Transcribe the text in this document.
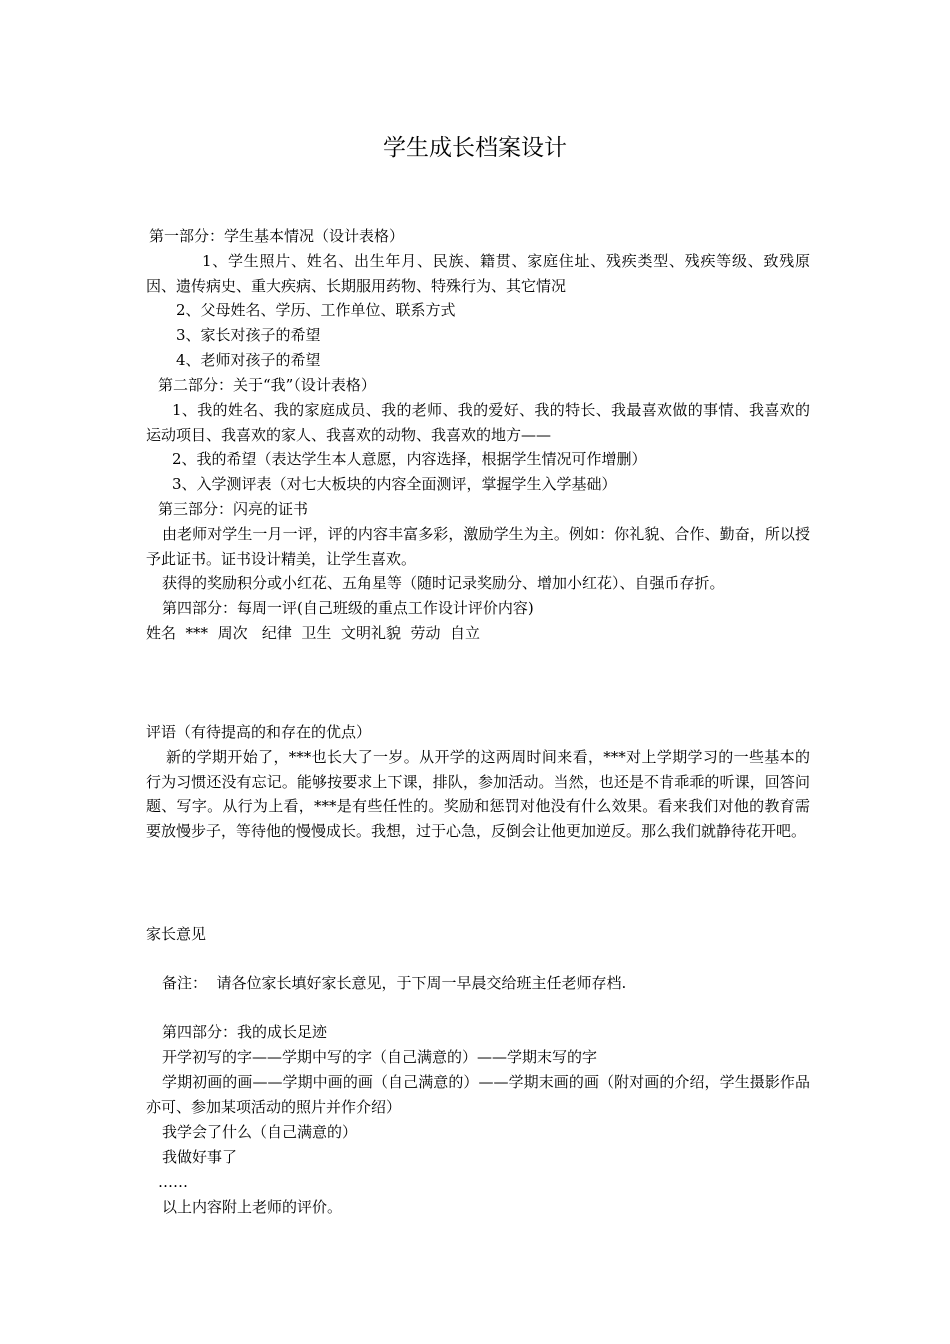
学生成长档案设计
第一部分：学生基本情况（设计表格）
1、学生照片、姓名、出生年月、民族、籍贯、家庭住址、残疾类型、残疾等级、致残原因、遗传病史、重大疾病、长期服用药物、特殊行为、其它情况
2、父母姓名、学历、工作单位、联系方式
3、家长对孩子的希望
4、老师对孩子的希望
第二部分：关于“我”（设计表格）
1、我的姓名、我的家庭成员、我的老师、我的爱好、我的特长、我最喜欢做的事情、我喜欢的运动项目、我喜欢的家人、我喜欢的动物、我喜欢的地方——
2、我的希望（表达学生本人意愿，内容选择，根据学生情况可作增删）
3、入学测评表（对七大板块的内容全面测评，掌握学生入学基础）
第三部分：闪亮的证书
由老师对学生一月一评，评的内容丰富多彩，激励学生为主。例如：你礼貌、合作、勤奋，所以授予此证书。证书设计精美，让学生喜欢。
获得的奖励积分或小红花、五角星等（随时记录奖励分、增加小红花）、自强币存折。
第四部分：每周一评(自己班级的重点工作设计评价内容)
姓名  ***  周次   纪律  卫生  文明礼貌  劳动  自立
评语（有待提高的和存在的优点）
新的学期开始了，***也长大了一岁。从开学的这两周时间来看，***对上学期学习的一些基本的行为习惯还没有忘记。能够按要求上下课，排队，参加活动。当然，也还是不肯乖乖的听课，回答问题、写字。从行为上看，***是有些任性的。奖励和惩罚对他没有什么效果。看来我们对他的教育需要放慢步子，等待他的慢慢成长。我想，过于心急，反倒会让他更加逆反。那么我们就静待花开吧。
家长意见
备注：  请各位家长填好家长意见，于下周一早晨交给班主任老师存档.
第四部分：我的成长足迹
开学初写的字——学期中写的字（自己满意的）——学期末写的字
学期初画的画——学期中画的画（自己满意的）——学期末画的画（附对画的介绍，学生摄影作品亦可、参加某项活动的照片并作介绍）
我学会了什么（自己满意的）
我做好事了
……
以上内容附上老师的评价。
